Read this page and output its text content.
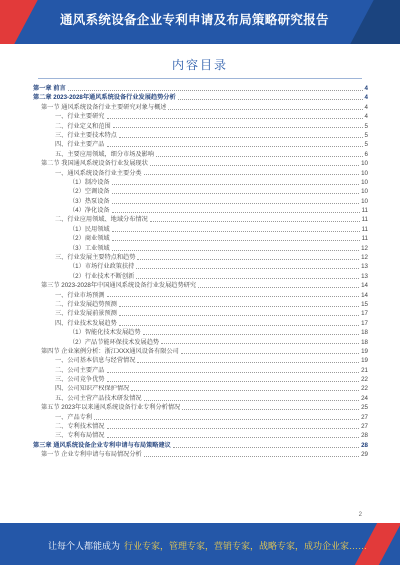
通风系统设备企业专利申请及布局策略研究报告
内容目录
第一章 前言	4
第二章 2023-2028年通风系统设备行业发展趋势分析	4
第一节 通风系统设备行业主要研究对象与概述	4
一、行业主要研究	4
二、行业定义和范围	5
三、行业主要技术特点	5
四、行业主要产品	5
五、主要应用领域，细分市场及影响	6
第二节 我国通风系统设备行业发展现状	10
一、通风系统设备行业主要分类	10
（1）制冷设备	10
（2）空调设备	10
（3）热泵设备	10
（4）净化设备	11
二、行业应用领域、地域分布情况	11
（1）民用领域	11
（2）商业领域	11
（3）工业领域	12
三、行业发展主要特点和趋势	12
（1）市场行业政策扶持	13
（2）行业技术不断创新	13
第三节 2023-2028年中国通风系统设备行业发展趋势研究	14
一、行业市场预测	14
二、行业发展趋势预测	15
三、行业发展前景预测	17
四、行业技术发展趋势	17
（1）智能化技术发展趋势	18
（2）产品节能环保技术发展趋势	18
第四节 企业案例分析：浙江XXX通风设备有限公司	19
一、公司基本信息与经营情况	19
二、公司主要产品	21
三、公司竞争优势	22
四、公司知识产权保护情况	22
五、公司主营产品技术研发情况	24
第五节 2023年以来通风系统设备行业专利分析情况	25
一、产品专利	27
二、专利技术情况	27
三、专利布局情况	28
第三章 通风系统设备企业专利申请与布局策略建议	28
第一节 企业专利申请与布局情况分析	29
2
让每个人都能成为 行业专家，管理专家，营销专家，战略专家，成功企业家……
